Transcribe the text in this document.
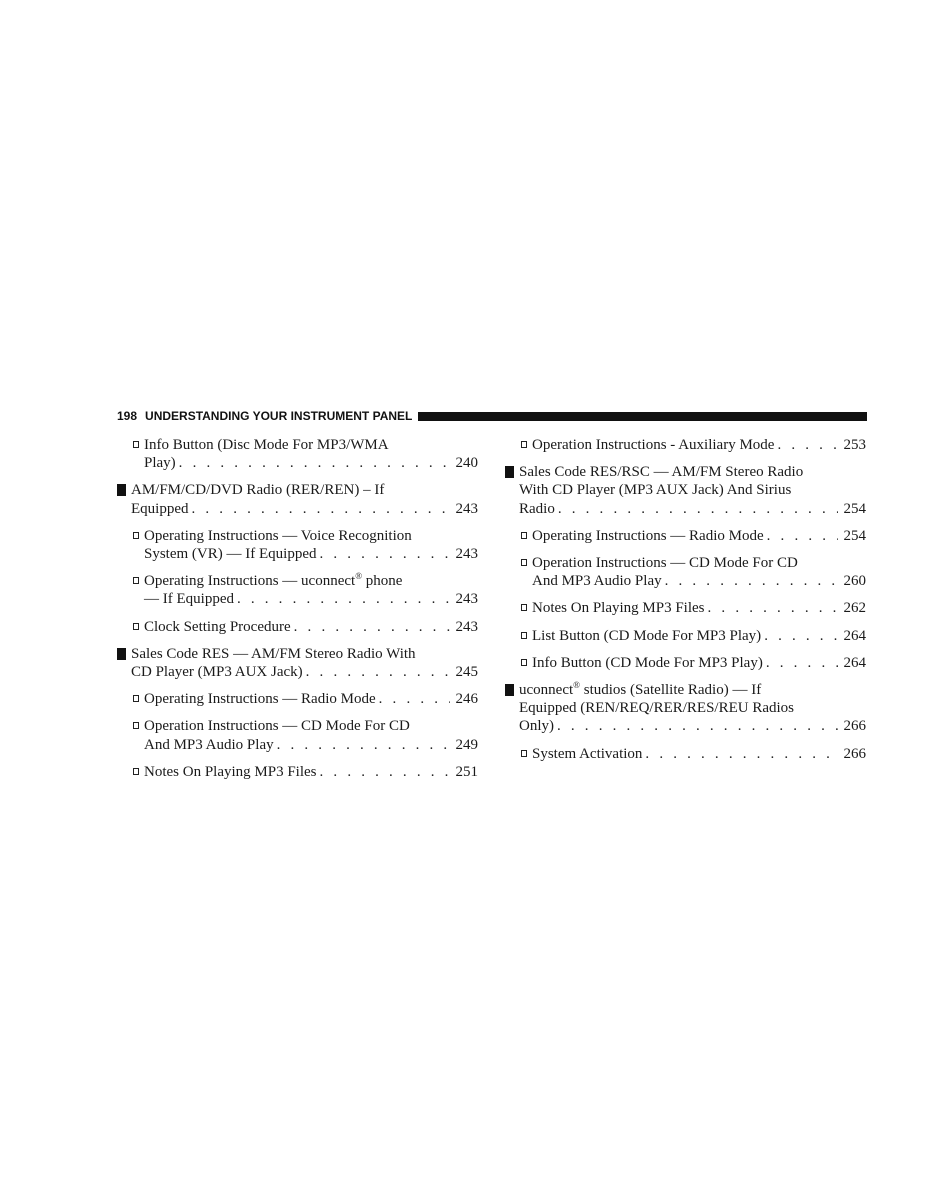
198 UNDERSTANDING YOUR INSTRUMENT PANEL
Info Button (Disc Mode For MP3/WMA
Play) . . .	240
AM/FM/CD/DVD Radio (RER/REN) – If
Equipped . . .	243
Operating Instructions — Voice Recognition
System (VR) — If Equipped . . .	243
Operating Instructions — uconnect® phone
— If Equipped . . .	243
Clock Setting Procedure . . .	243
Sales Code RES — AM/FM Stereo Radio With
CD Player (MP3 AUX Jack) . . .	245
Operating Instructions — Radio Mode . . .	246
Operation Instructions — CD Mode For CD
And MP3 Audio Play . . .	249
Notes On Playing MP3 Files . . .	251
Operation Instructions - Auxiliary Mode . . .	253
Sales Code RES/RSC — AM/FM Stereo Radio
With CD Player (MP3 AUX Jack) And Sirius
Radio . . .	254
Operating Instructions — Radio Mode . . .	254
Operation Instructions — CD Mode For CD
And MP3 Audio Play . . .	260
Notes On Playing MP3 Files . . .	262
List Button (CD Mode For MP3 Play) . . .	264
Info Button (CD Mode For MP3 Play) . . .	264
uconnect® studios (Satellite Radio) — If
Equipped (REN/REQ/RER/RES/REU Radios
Only) . . .	266
System Activation . . .	266
